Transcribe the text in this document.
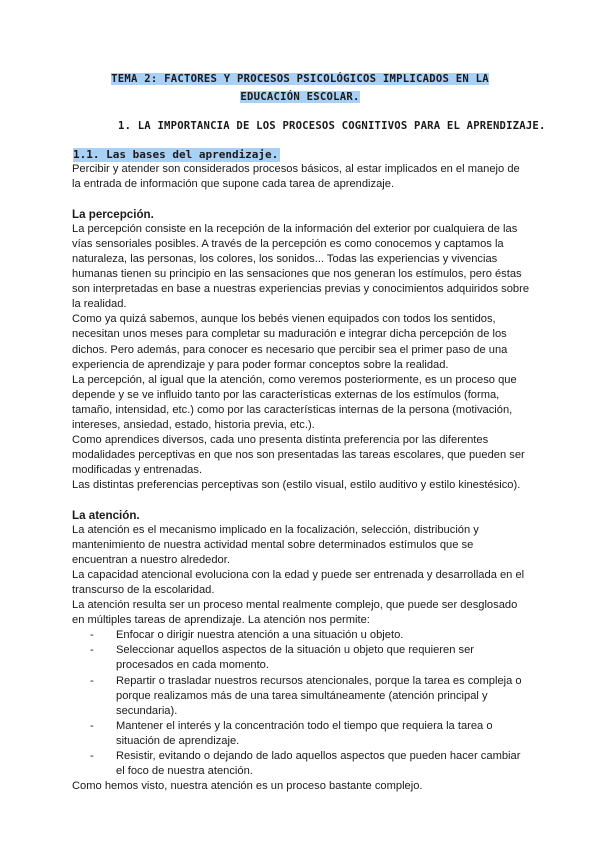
TEMA 2: FACTORES Y PROCESOS PSICOLÓGICOS IMPLICADOS EN LA
EDUCACIÓN ESCOLAR.
1. LA IMPORTANCIA DE LOS PROCESOS COGNITIVOS PARA EL APRENDIZAJE.
1.1. Las bases del aprendizaje.

Percibir y atender son considerados procesos básicos, al estar implicados en el manejo de la entrada de información que supone cada tarea de aprendizaje.

La percepción.

La percepción consiste en la recepción de la información del exterior por cualquiera de las vías sensoriales posibles. A través de la percepción es como conocemos y captamos la naturaleza, las personas, los colores, los sonidos... Todas las experiencias y vivencias humanas tienen su principio en las sensaciones que nos generan los estímulos, pero éstas son interpretadas en base a nuestras experiencias previas y conocimientos adquiridos sobre la realidad.

Como ya quizá sabemos, aunque los bebés vienen equipados con todos los sentidos, necesitan unos meses para completar su maduración e integrar dicha percepción de los dichos. Pero además, para conocer es necesario que percibir sea el primer paso de una experiencia de aprendizaje y para poder formar conceptos sobre la realidad.

La percepción, al igual que la atención, como veremos posteriormente, es un proceso que depende y se ve influido tanto por las características externas de los estímulos (forma, tamaño, intensidad, etc.) como por las características internas de la persona (motivación, intereses, ansiedad, estado, historia previa, etc.).

Como aprendices diversos, cada uno presenta distinta preferencia por las diferentes modalidades perceptivas en que nos son presentadas las tareas escolares, que pueden ser modificadas y entrenadas.

Las distintas preferencias perceptivas son (estilo visual, estilo auditivo y estilo kinestésico).

La atención.

La atención es el mecanismo implicado en la focalización, selección, distribución y mantenimiento de nuestra actividad mental sobre determinados estímulos que se encuentran a nuestro alrededor.

La capacidad atencional evoluciona con la edad y puede ser entrenada y desarrollada en el transcurso de la escolaridad.

La atención resulta ser un proceso mental realmente complejo, que puede ser desglosado en múltiples tareas de aprendizaje. La atención nos permite:

- Enfocar o dirigir nuestra atención a una situación u objeto.
- Seleccionar aquellos aspectos de la situación u objeto que requieren ser procesados en cada momento.
- Repartir o trasladar nuestros recursos atencionales, porque la tarea es compleja o porque realizamos más de una tarea simultáneamente (atención principal y secundaria).
- Mantener el interés y la concentración todo el tiempo que requiera la tarea o situación de aprendizaje.
- Resistir, evitando o dejando de lado aquellos aspectos que pueden hacer cambiar el foco de nuestra atención.

Como hemos visto, nuestra atención es un proceso bastante complejo.
